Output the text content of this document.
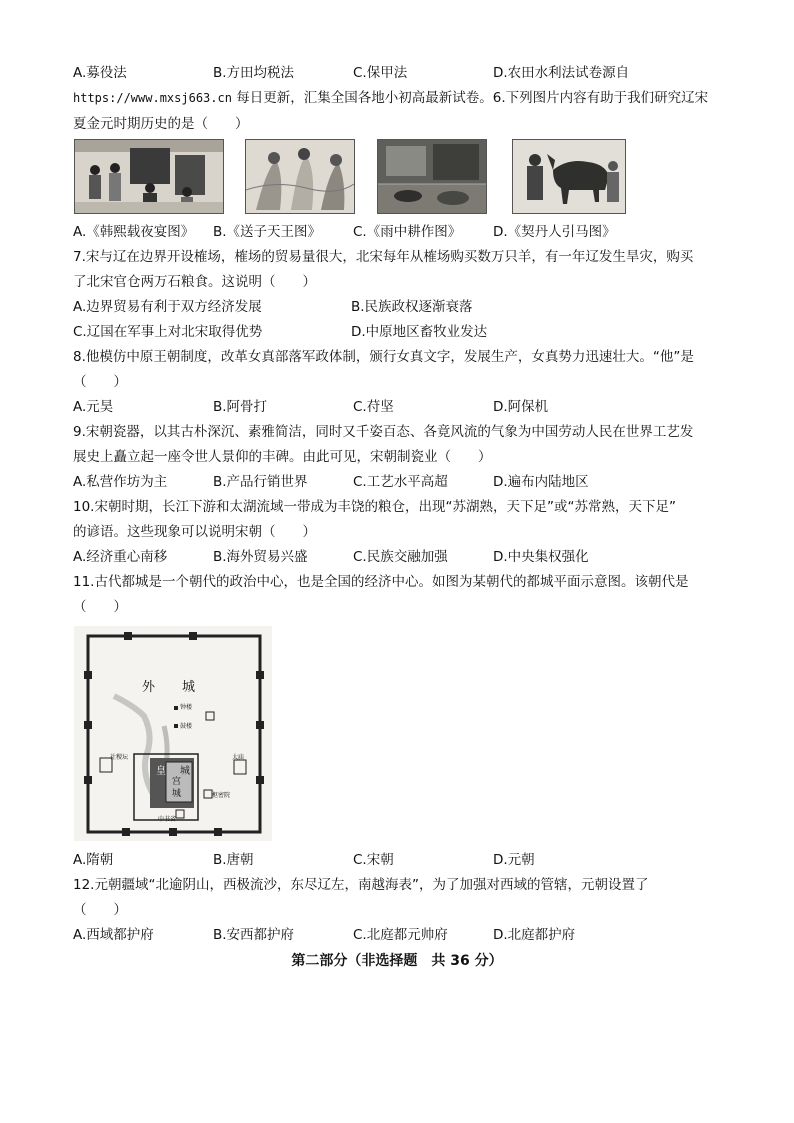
A.募役法	B.方田均税法	C.保甲法	D.农田水利法试卷源自
https://www.mxsj663.cn 每日更新，汇集全国各地小初高最新试卷。6.下列图片内容有助于我们研究辽宋
夏金元时期历史的是（　　）
A.《韩熙载夜宴图》 B.《送子天王图》 C.《雨中耕作图》 D.《契丹人引马图》
7.宋与辽在边界开设榷场，榷场的贸易量很大，北宋每年从榷场购买数万只羊，有一年辽发生旱灾，购买
了北宋官仓两万石粮食。这说明（　　）
A.边界贸易有利于双方经济发展	B.民族政权逐渐衰落
C.辽国在军事上对北宋取得优势	D.中原地区畜牧业发达
8.他模仿中原王朝制度，改革女真部落军政体制，颁行女真文字，发展生产，女真势力迅速壮大。“他”是
（　　）
A.元昊	B.阿骨打	C.苻坚	D.阿保机
9.宋朝瓷器，以其古朴深沉、素雅简洁，同时又千姿百态、各竟风流的气象为中国劳动人民在世界工艺发
展史上矗立起一座令世人景仰的丰碑。由此可见，宋朝制瓷业（　　）
A.私营作坊为主	B.产品行销世界	C.工艺水平高超	D.遍布内陆地区
10.宋朝时期，长江下游和太湖流域一带成为丰饶的粮仓，出现“苏湖熟，天下足”或“苏常熟，天下足”
的谚语。这些现象可以说明宋朝（　　）
A.经济重心南移	B.海外贸易兴盛	C.民族交融加强	D.中央集权强化
11.古代都城是一个朝代的政治中心，也是全国的经济中心。如图为某朝代的都城平面示意图。该朝代是
（　　）
外 城
皇 城
宫
城
钟楼
鼓楼
中书省
枢密院
太庙
社稷坛
A.隋朝	B.唐朝	C.宋朝	D.元朝
12.元朝疆域“北逾阴山，西极流沙，东尽辽左，南越海表”，为了加强对西域的管辖，元朝设置了
（　　）
A.西域都护府	B.安西都护府	C.北庭都元帅府	D.北庭都护府
第二部分（非选择题　共 36 分）
